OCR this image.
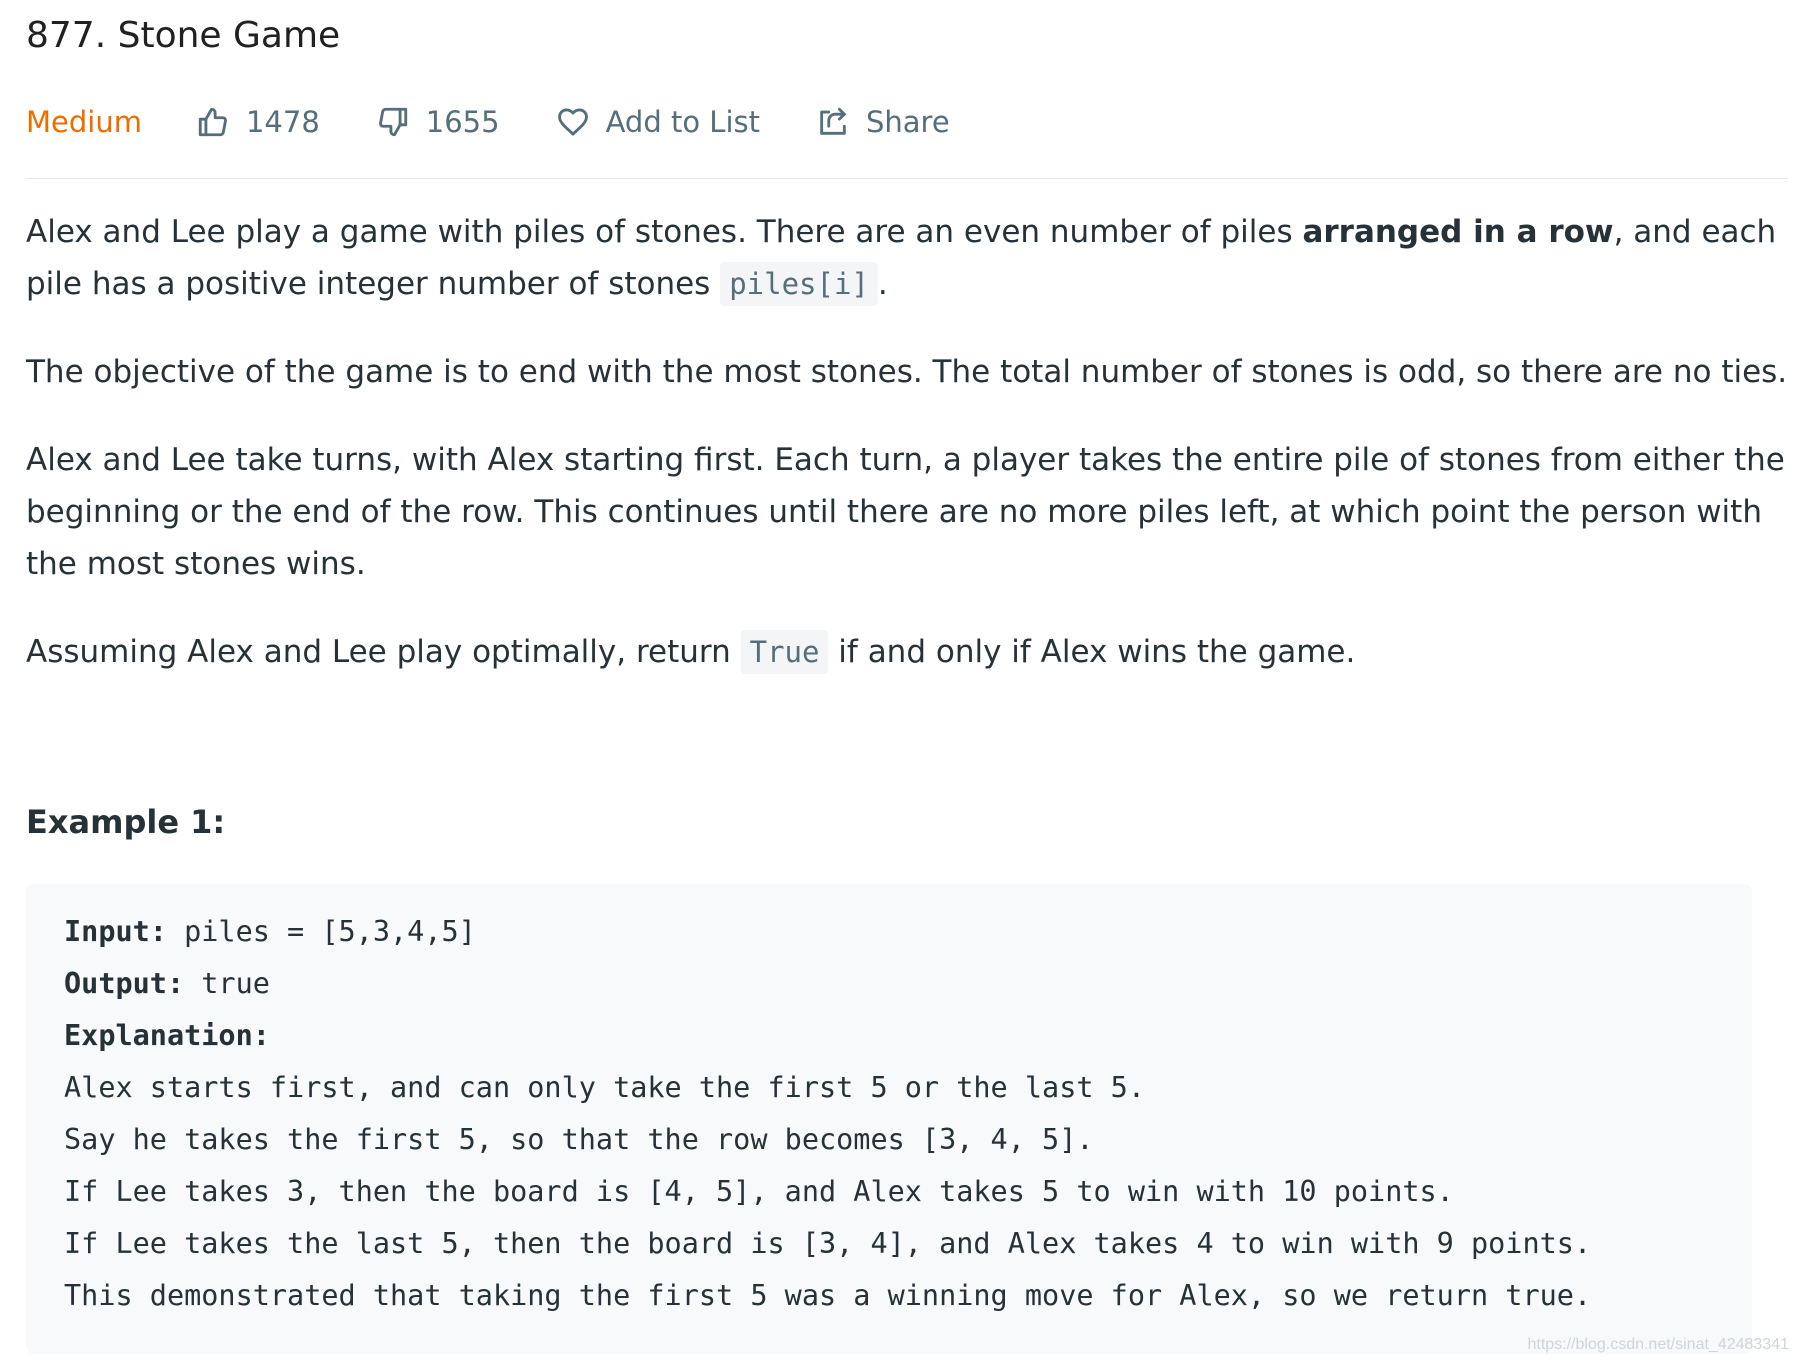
877. Stone Game
Medium	1478	1655	Add to List	Share

Alex and Lee play a game with piles of stones. There are an even number of piles arranged in a row, and each pile has a positive integer number of stones piles[i] .

The objective of the game is to end with the most stones. The total number of stones is odd, so there are no ties.

Alex and Lee take turns, with Alex starting first. Each turn, a player takes the entire pile of stones from either the beginning or the end of the row. This continues until there are no more piles left, at which point the person with the most stones wins.

Assuming Alex and Lee play optimally, return True if and only if Alex wins the game.

Example 1:
Input: piles = [5,3,4,5]
Output: true
Explanation:
Alex starts first, and can only take the first 5 or the last 5.
Say he takes the first 5, so that the row becomes [3, 4, 5].
If Lee takes 3, then the board is [4, 5], and Alex takes 5 to win with 10 points.
If Lee takes the last 5, then the board is [3, 4], and Alex takes 4 to win with 9 points.
This demonstrated that taking the first 5 was a winning move for Alex, so we return true.
https://blog.csdn.net/sinat_42483341
